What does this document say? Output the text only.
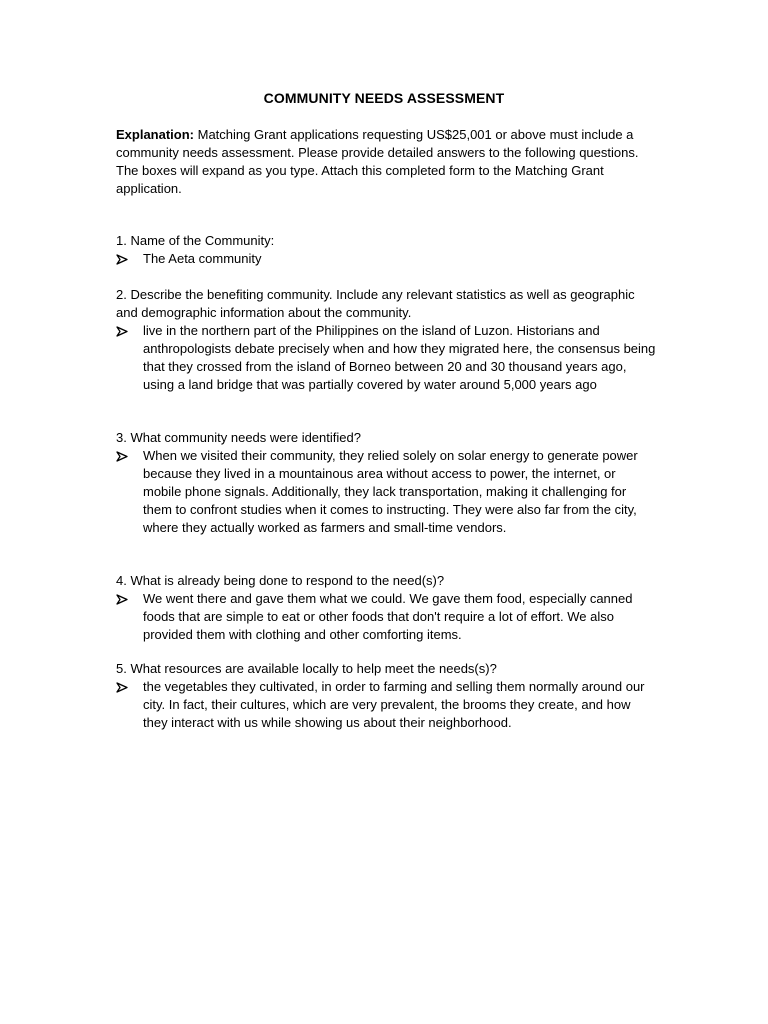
COMMUNITY NEEDS ASSESSMENT
Explanation: Matching Grant applications requesting US$25,001 or above must include a community needs assessment. Please provide detailed answers to the following questions. The boxes will expand as you type. Attach this completed form to the Matching Grant application.

1. Name of the Community:

The Aeta community

2. Describe the benefiting community. Include any relevant statistics as well as geographic and demographic information about the community.

live in the northern part of the Philippines on the island of Luzon. Historians and anthropologists debate precisely when and how they migrated here, the consensus being that they crossed from the island of Borneo between 20 and 30 thousand years ago, using a land bridge that was partially covered by water around 5,000 years ago

3. What community needs were identified?

When we visited their community, they relied solely on solar energy to generate power because they lived in a mountainous area without access to power, the internet, or mobile phone signals. Additionally, they lack transportation, making it challenging for them to confront studies when it comes to instructing. They were also far from the city, where they actually worked as farmers and small-time vendors.

4. What is already being done to respond to the need(s)?

We went there and gave them what we could. We gave them food, especially canned foods that are simple to eat or other foods that don't require a lot of effort. We also provided them with clothing and other comforting items.

5. What resources are available locally to help meet the needs(s)?

the vegetables they cultivated, in order to farming and selling them normally around our city. In fact, their cultures, which are very prevalent, the brooms they create, and how they interact with us while showing us about their neighborhood.
